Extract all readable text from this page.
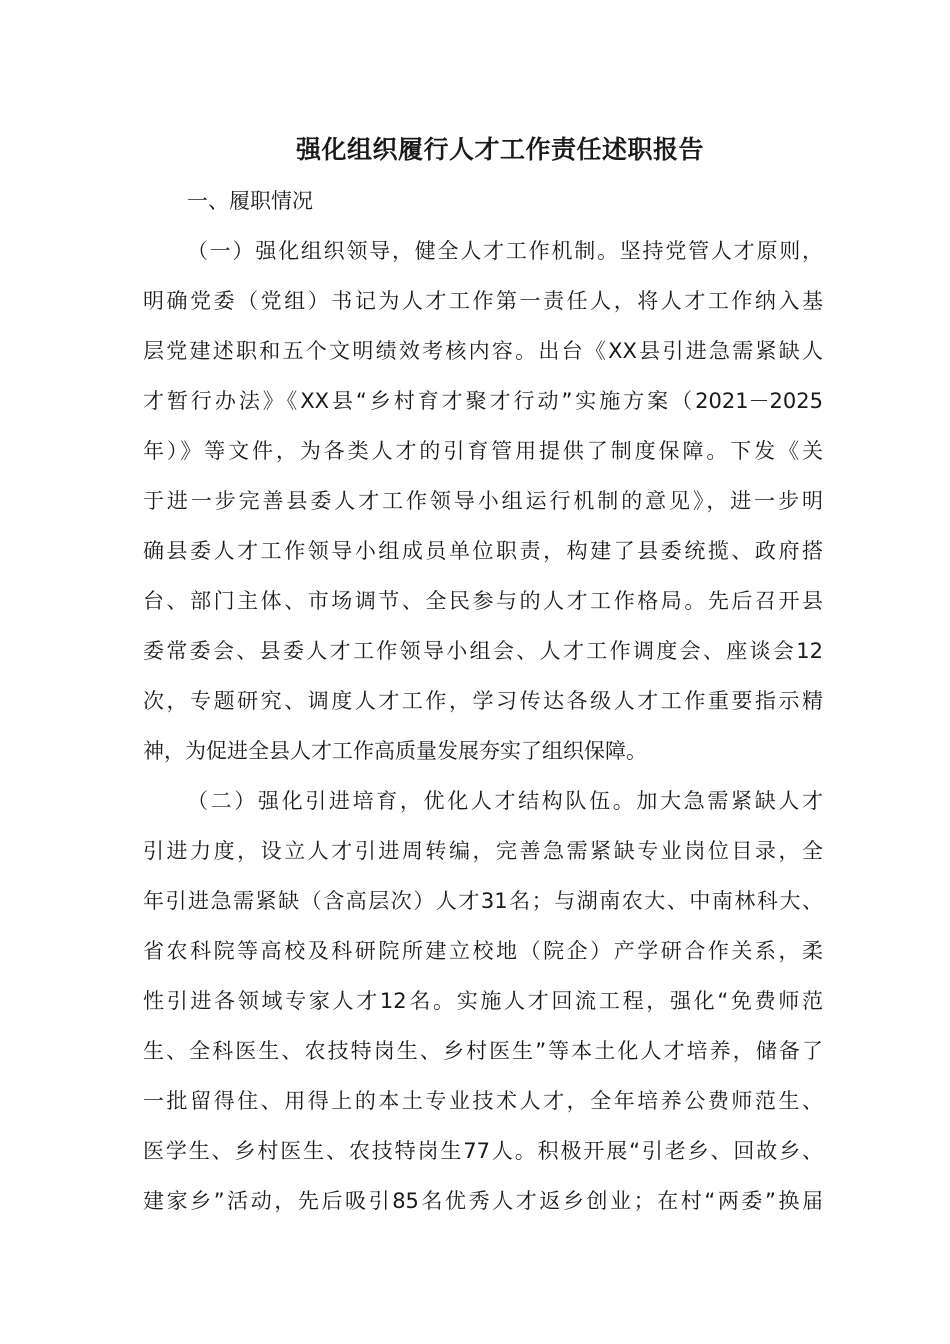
强化组织履行人才工作责任述职报告
一、履职情况
（一）强化组织领导，健全人才工作机制。坚持党管人才原则，
明确党委（党组）书记为人才工作第一责任人，将人才工作纳入基
层党建述职和五个文明绩效考核内容。出台《XX县引进急需紧缺人
才暂行办法》《XX县“乡村育才聚才行动”实施方案（2021－2025
年）》等文件，为各类人才的引育管用提供了制度保障。下发《关
于进一步完善县委人才工作领导小组运行机制的意见》，进一步明
确县委人才工作领导小组成员单位职责，构建了县委统揽、政府搭
台、部门主体、市场调节、全民参与的人才工作格局。先后召开县
委常委会、县委人才工作领导小组会、人才工作调度会、座谈会12
次，专题研究、调度人才工作，学习传达各级人才工作重要指示精
神，为促进全县人才工作高质量发展夯实了组织保障。
（二）强化引进培育，优化人才结构队伍。加大急需紧缺人才
引进力度，设立人才引进周转编，完善急需紧缺专业岗位目录，全
年引进急需紧缺（含高层次）人才31名；与湖南农大、中南林科大、
省农科院等高校及科研院所建立校地（院企）产学研合作关系，柔
性引进各领域专家人才12名。实施人才回流工程，强化“免费师范
生、全科医生、农技特岗生、乡村医生”等本土化人才培养，储备了
一批留得住、用得上的本土专业技术人才，全年培养公费师范生、
医学生、乡村医生、农技特岗生77人。积极开展“引老乡、回故乡、
建家乡”活动，先后吸引85名优秀人才返乡创业；在村“两委”换届
